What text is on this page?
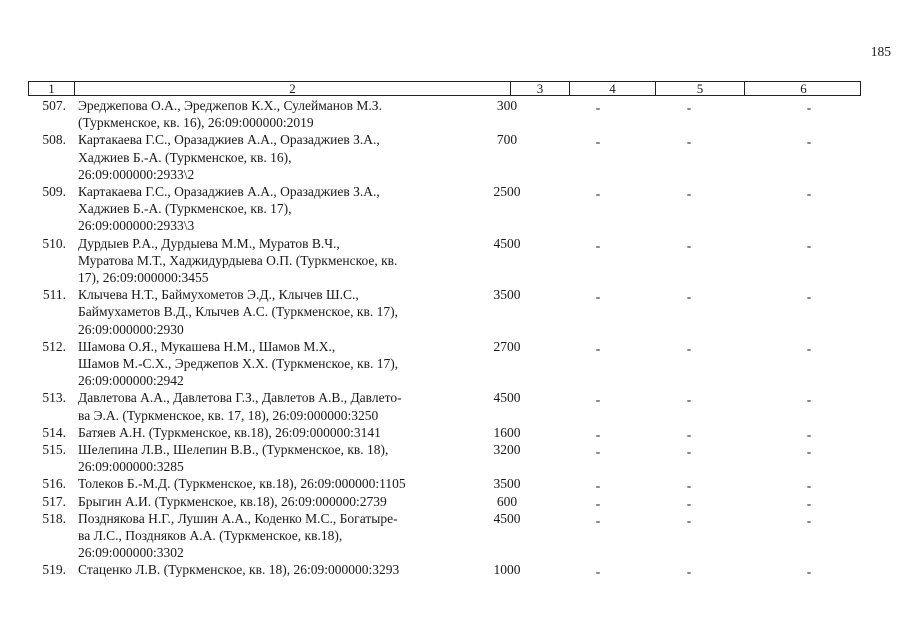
185
1	2	3	4	5	6
507. Эреджепова О.А., Эреджепов К.Х., Сулейманов М.З.
(Туркменское, кв. 16), 26:09:000000:2019
300	-	-	-
508. Картакаева Г.С., Оразаджиев А.А., Оразаджиев З.А.,
Хаджиев Б.-А. (Туркменское, кв. 16),
26:09:000000:2933\2
700	-	-	-
509. Картакаева Г.С., Оразаджиев А.А., Оразаджиев З.А.,
Хаджиев Б.-А. (Туркменское, кв. 17),
26:09:000000:2933\3
2500	-	-	-
510. Дурдыев Р.А., Дурдыева М.М., Муратов В.Ч.,
Муратова М.Т., Хаджидурдыева О.П. (Туркменское, кв.
17), 26:09:000000:3455
4500	-	-	-
511. Клычева Н.Т., Баймухометов Э.Д., Клычев Ш.С.,
Баймухаметов В.Д., Клычев А.С. (Туркменское, кв. 17),
26:09:000000:2930
3500	-	-	-
512. Шамова О.Я., Мукашева Н.М., Шамов М.Х.,
Шамов М.-С.Х., Эреджепов Х.Х. (Туркменское, кв. 17),
26:09:000000:2942
2700	-	-	-
513. Давлетова А.А., Давлетова Г.З., Давлетов А.В., Давлето-
ва Э.А. (Туркменское, кв. 17, 18), 26:09:000000:3250
4500	-	-	-
514. Батяев А.Н. (Туркменское, кв.18), 26:09:000000:3141	1600	-	-	-
515. Шелепина Л.В., Шелепин В.В., (Туркменское, кв. 18),
26:09:000000:3285
3200	-	-	-
516. Толеков Б.-М.Д. (Туркменское, кв.18), 26:09:000000:1105	3500	-	-	-
517. Брыгин А.И. (Туркменское, кв.18), 26:09:000000:2739	600	-	-	-
518. Позднякова Н.Г., Лушин А.А., Коденко М.С., Богатыре-
ва Л.С., Поздняков А.А. (Туркменское, кв.18),
26:09:000000:3302
4500	-	-	-
519. Стаценко Л.В. (Туркменское, кв. 18), 26:09:000000:3293	1000	-	-	-
